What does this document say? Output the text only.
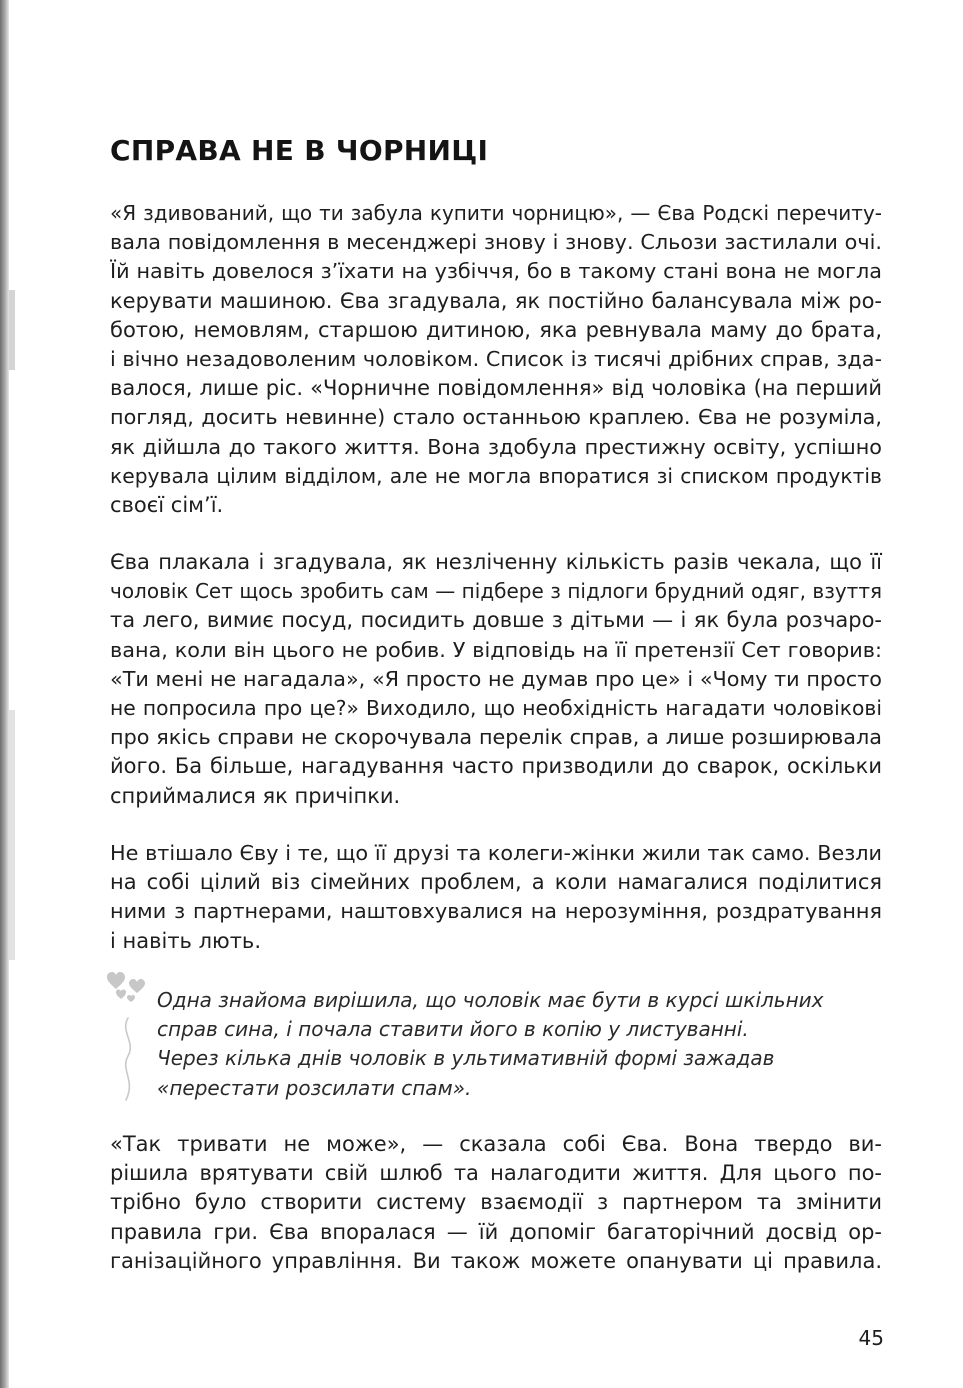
СПРАВА НЕ В ЧОРНИЦІ
«Я здивований, що ти забула купити чорницю», — Єва Родскі перечиту-
вала повідомлення в месенджері знову і знову. Сльози застилали очі.
Їй навіть довелося з’їхати на узбіччя, бо в такому стані вона не могла
керувати машиною. Єва згадувала, як постійно балансувала між ро-
ботою, немовлям, старшою дитиною, яка ревнувала маму до брата,
і вічно незадоволеним чоловіком. Список із тисячі дрібних справ, зда-
валося, лише ріс. «Чорничне повідомлення» від чоловіка (на перший
погляд, досить невинне) стало останньою краплею. Єва не розуміла,
як дійшла до такого життя. Вона здобула престижну освіту, успішно
керувала цілим відділом, але не могла впоратися зі списком продуктів
своєї сім’ї.
Єва плакала і згадувала, як незліченну кількість разів чекала, що її
чоловік Сет щось зробить сам — підбере з підлоги брудний одяг, взуття
та лего, вимиє посуд, посидить довше з дітьми — і як була розчаро-
вана, коли він цього не робив. У відповідь на її претензії Сет говорив:
«Ти мені не нагадала», «Я просто не думав про це» і «Чому ти просто
не попросила про це?» Виходило, що необхідність нагадати чоловікові
про якісь справи не скорочувала перелік справ, а лише розширювала
його. Ба більше, нагадування часто призводили до сварок, оскільки
сприймалися як причіпки.
Не втішало Єву і те, що її друзі та колеги-жінки жили так само. Везли
на собі цілий віз сімейних проблем, а коли намагалися поділитися
ними з партнерами, наштовхувалися на нерозуміння, роздратування
і навіть лють.
Одна знайома вирішила, що чоловік має бути в курсі шкільних
справ сина, і почала ставити його в копію у листуванні.
Через кілька днів чоловік в ультимативній формі зажадав
«перестати розсилати спам».
«Так тривати не може», — сказала собі Єва. Вона твердо ви-
рішила врятувати свій шлюб та налагодити життя. Для цього по-
трібно було створити систему взаємодії з партнером та змінити
правила гри. Єва впоралася — їй допоміг багаторічний досвід ор-
ганізаційного управління. Ви також можете опанувати ці правила.
45
